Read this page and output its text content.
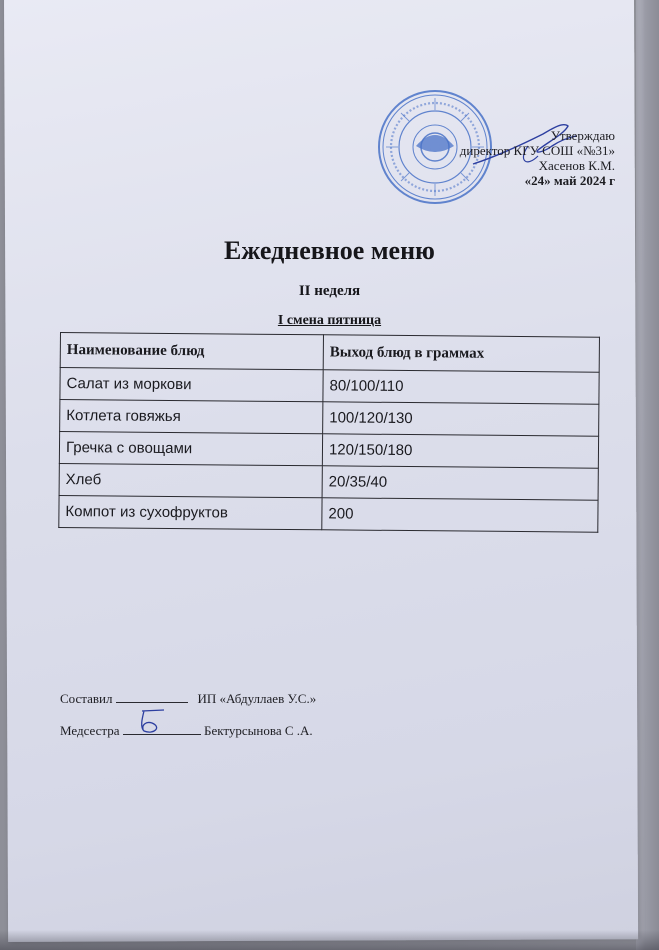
Утверждаю
директор КГУ СОШ «№31»
Хасенов К.М.
«24» май 2024 г
Ежедневное меню
II неделя
I смена пятница
Наименование блюд	Выход блюд в граммах
Салат из моркови	80/100/110
Котлета говяжья	100/120/130
Гречка с овощами	120/150/180
Хлеб	20/35/40
Компот из сухофруктов	200
Составил	ИП «Абдуллаев У.С.»
Медсестра	Бектурсынова С .А.
